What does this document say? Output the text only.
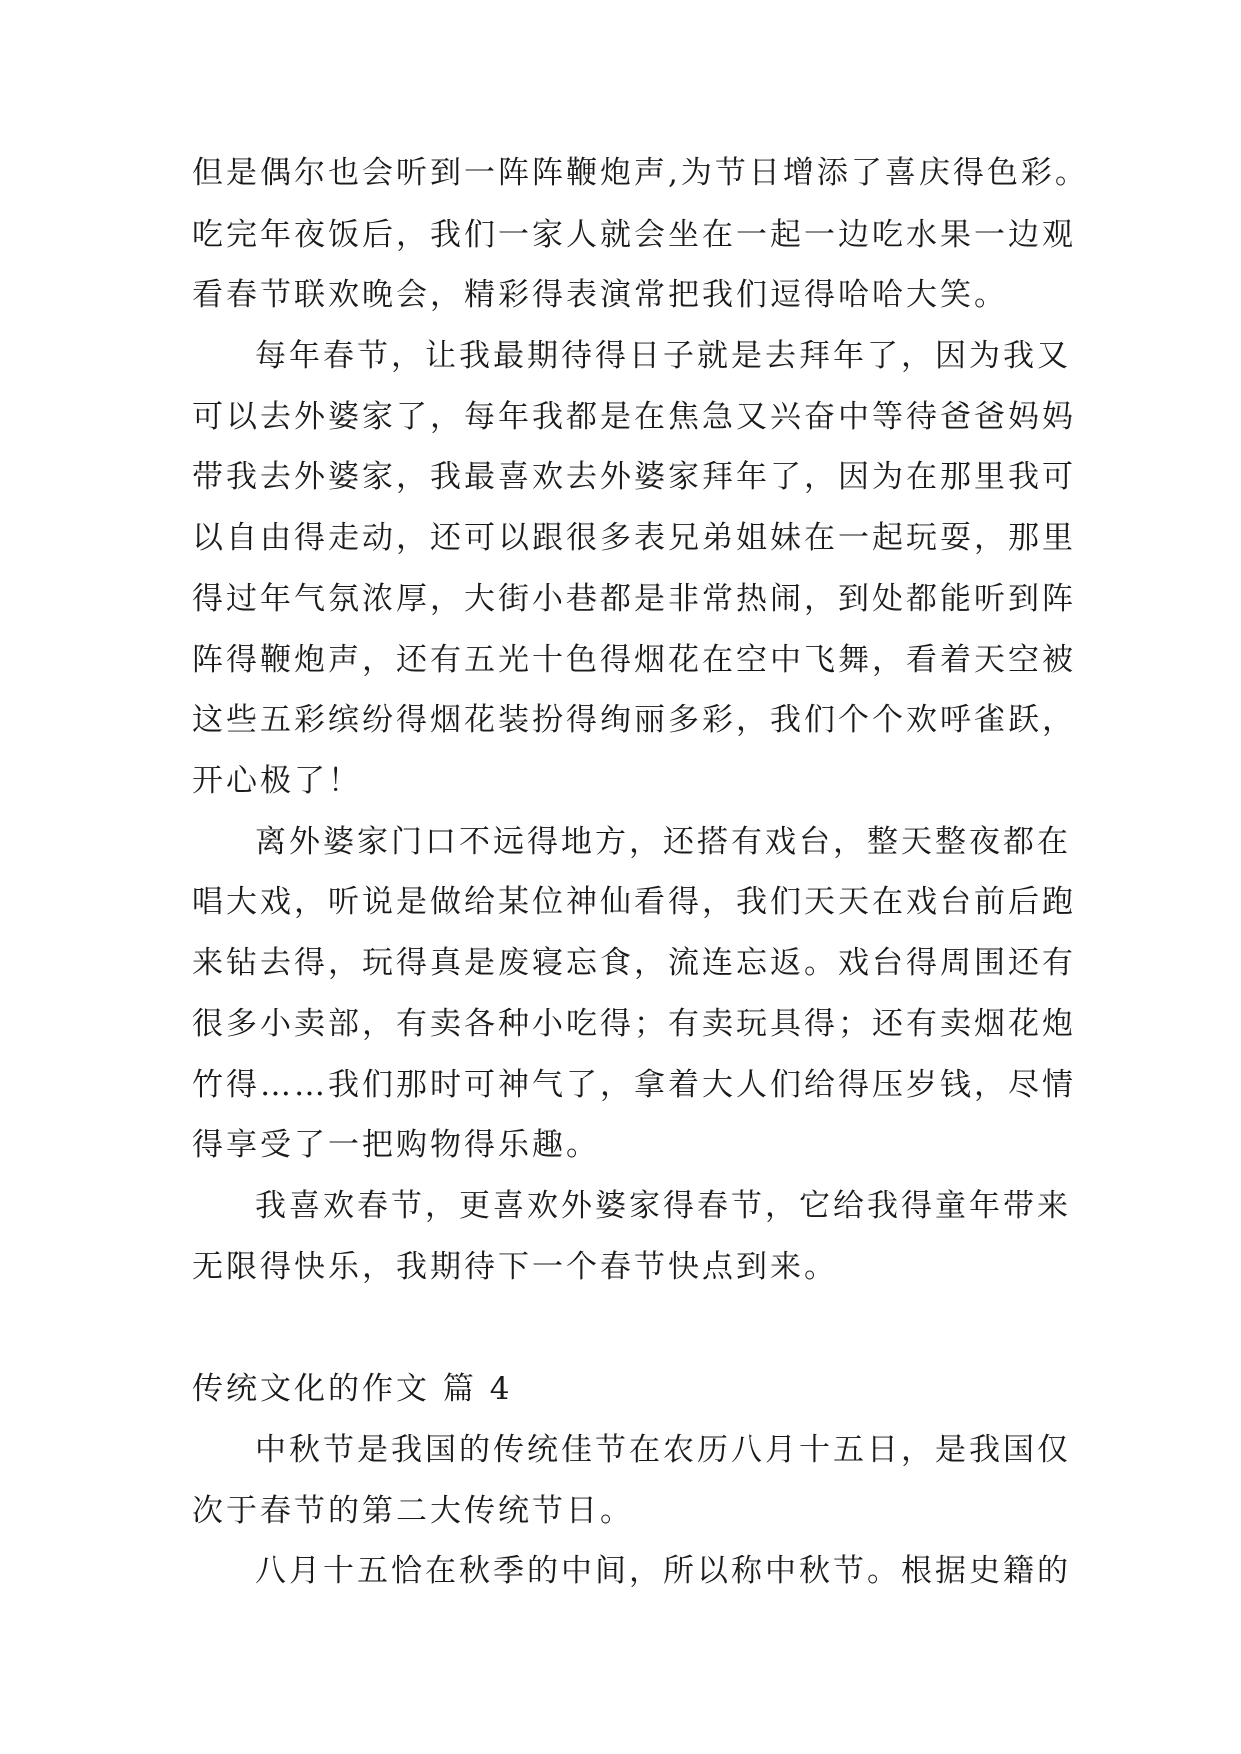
但是偶尔也会听到一阵阵鞭炮声,为节日增添了喜庆得色彩。
吃完年夜饭后，我们一家人就会坐在一起一边吃水果一边观
看春节联欢晚会，精彩得表演常把我们逗得哈哈大笑。
每年春节，让我最期待得日子就是去拜年了，因为我又
可以去外婆家了，每年我都是在焦急又兴奋中等待爸爸妈妈
带我去外婆家，我最喜欢去外婆家拜年了，因为在那里我可
以自由得走动，还可以跟很多表兄弟姐妹在一起玩耍，那里
得过年气氛浓厚，大街小巷都是非常热闹，到处都能听到阵
阵得鞭炮声，还有五光十色得烟花在空中飞舞，看着天空被
这些五彩缤纷得烟花装扮得绚丽多彩，我们个个欢呼雀跃，
开心极了！
离外婆家门口不远得地方，还搭有戏台，整天整夜都在
唱大戏，听说是做给某位神仙看得，我们天天在戏台前后跑
来钻去得，玩得真是废寝忘食，流连忘返。戏台得周围还有
很多小卖部，有卖各种小吃得；有卖玩具得；还有卖烟花炮
竹得……我们那时可神气了，拿着大人们给得压岁钱，尽情
得享受了一把购物得乐趣。
我喜欢春节，更喜欢外婆家得春节，它给我得童年带来
无限得快乐，我期待下一个春节快点到来。
传统文化的作文 篇 4
中秋节是我国的传统佳节在农历八月十五日，是我国仅
次于春节的第二大传统节日。
八月十五恰在秋季的中间，所以称中秋节。根据史籍的
